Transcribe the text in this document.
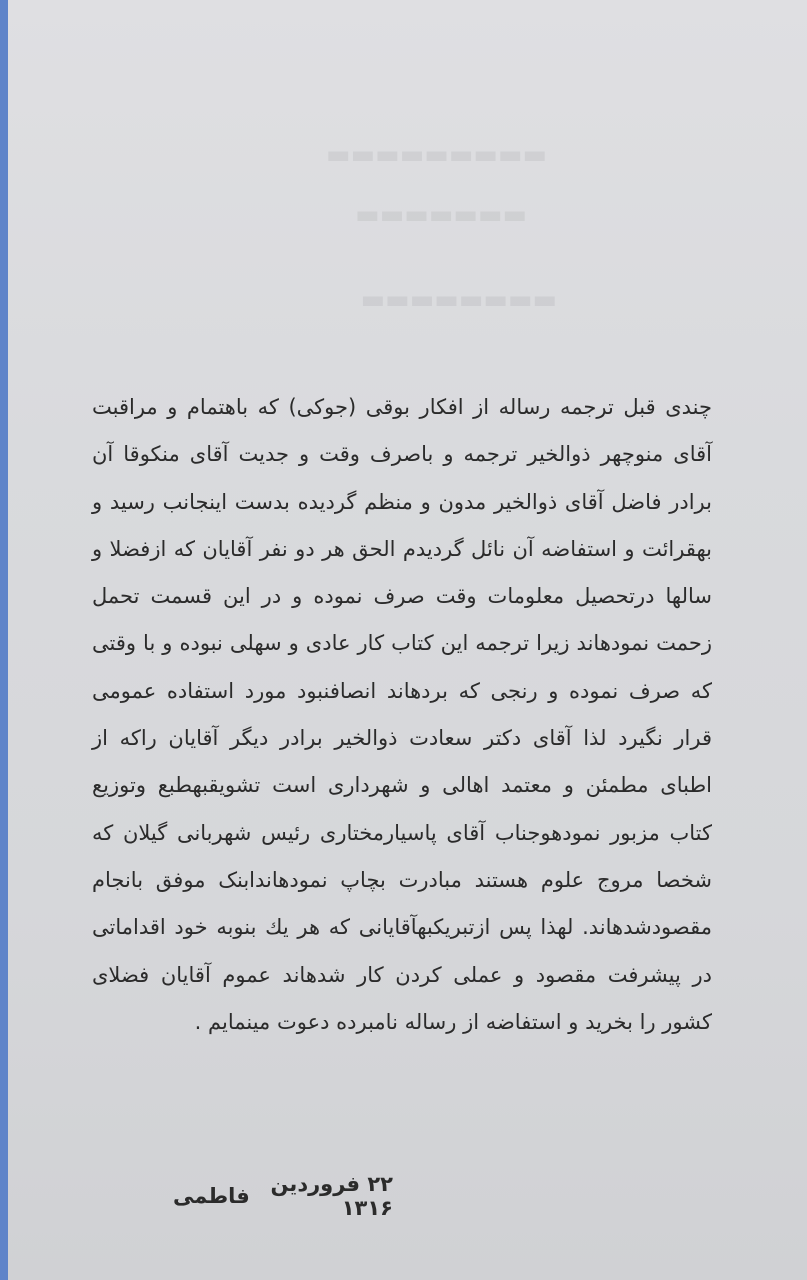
▬▬▬▬▬▬▬▬▬
▬▬▬▬▬▬▬
▬▬▬▬▬▬▬▬

چندی قبل ترجمه رساله از افکار بوقی (جوکی) که باهتمام و مراقبت آقای منوچهر ذوالخیر ترجمه و باصرف وقت و جدیت آقای منکوقا آن برادر فاضل آقای ذوالخیر مدون و منظم گردیده بدست اینجانب رسید و بهقرائت و استفاضه آن نائل گردیدم الحق هر دو نفر آقایان که ازفضلا و سالها درتحصیل معلومات وقت صرف نموده و در این قسمت تحمل زحمت نمودهاند زیرا ترجمه این کتاب کار عادی و سهلی نبوده و با وقتی که صرف نموده و رنجی که بردهاند انصافنبود مورد استفاده عمومی قرار نگیرد لذا آقای دکتر سعادت ذوالخیر برادر دیگر آقایان راکه از اطبای مطمئن و معتمد اهالی و شهرداری است تشویقبهطبع وتوزیع کتاب مزبور نمودهوجناب آقای پاسیارمختاری رئیس شهربانی گیلان که شخصا مروج علوم هستند مبادرت بچاپ نمودهاندابنک موفق بانجام مقصودشدهاند. لهذا پس ازتبریکبهآقایانی که هر یك بنوبه خود اقداماتی در پیشرفت مقصود و عملی کردن کار شدهاند عموم آقایان فضلای کشور را بخرید و استفاضه از رساله نامبرده دعوت مینمایم .

۲۲ فروردین ۱۳۱۶
فاطمی
